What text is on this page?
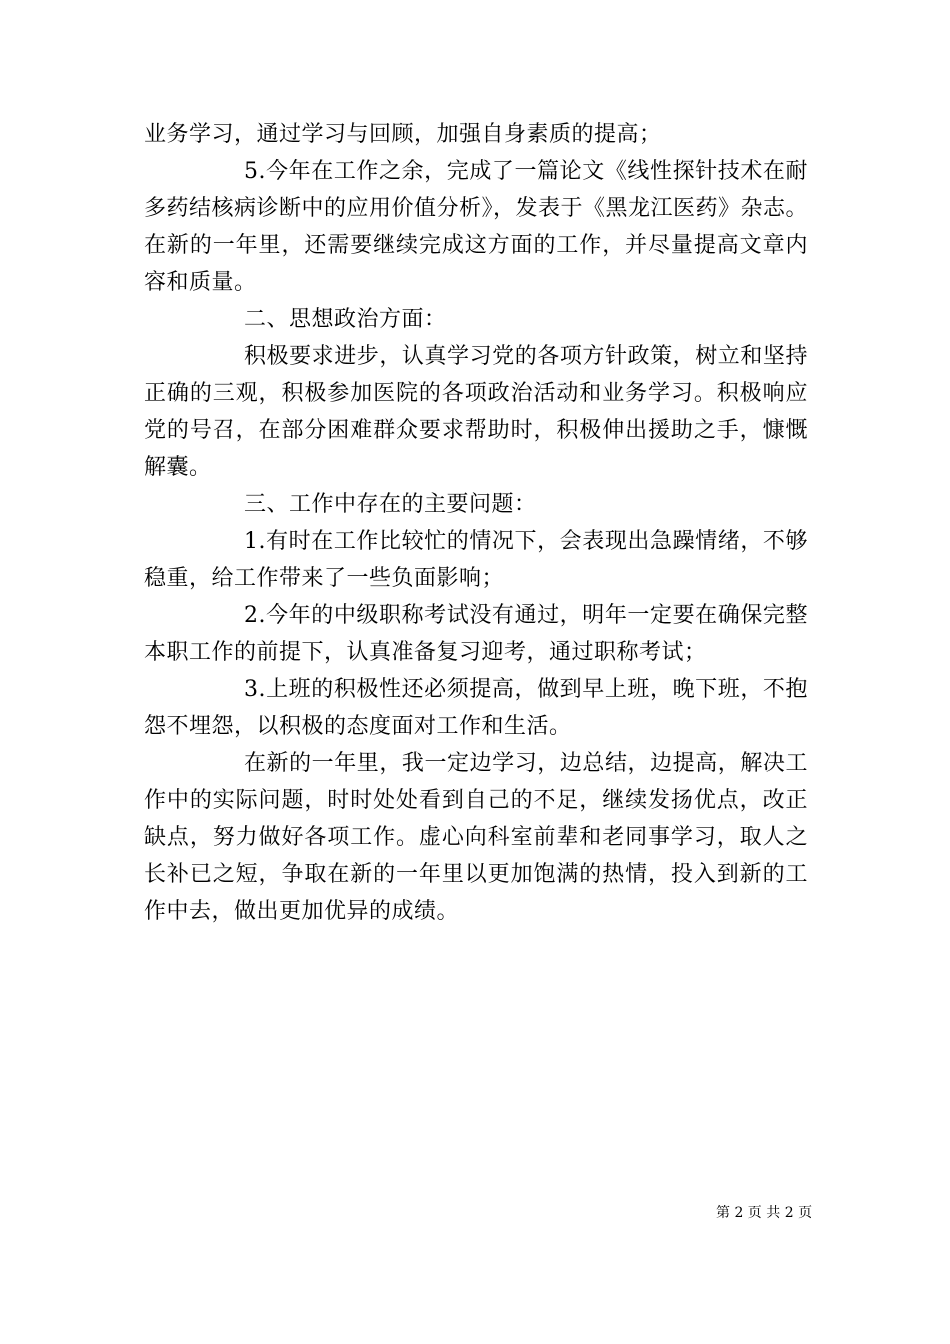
业务学习，通过学习与回顾，加强自身素质的提高；

5.今年在工作之余，完成了一篇论文《线性探针技术在耐多药结核病诊断中的应用价值分析》，发表于《黑龙江医药》杂志。在新的一年里，还需要继续完成这方面的工作，并尽量提高文章内容和质量。

二、思想政治方面：

积极要求进步，认真学习党的各项方针政策，树立和坚持正确的三观，积极参加医院的各项政治活动和业务学习。积极响应党的号召，在部分困难群众要求帮助时，积极伸出援助之手，慷慨解囊。

三、工作中存在的主要问题：

1.有时在工作比较忙的情况下，会表现出急躁情绪，不够稳重，给工作带来了一些负面影响；

2.今年的中级职称考试没有通过，明年一定要在确保完整本职工作的前提下，认真准备复习迎考，通过职称考试；

3.上班的积极性还必须提高，做到早上班，晚下班，不抱怨不埋怨，以积极的态度面对工作和生活。

在新的一年里，我一定边学习，边总结，边提高，解决工作中的实际问题，时时处处看到自己的不足，继续发扬优点，改正缺点，努力做好各项工作。虚心向科室前辈和老同事学习，取人之长补已之短，争取在新的一年里以更加饱满的热情，投入到新的工作中去，做出更加优异的成绩。

第 2 页 共 2 页
